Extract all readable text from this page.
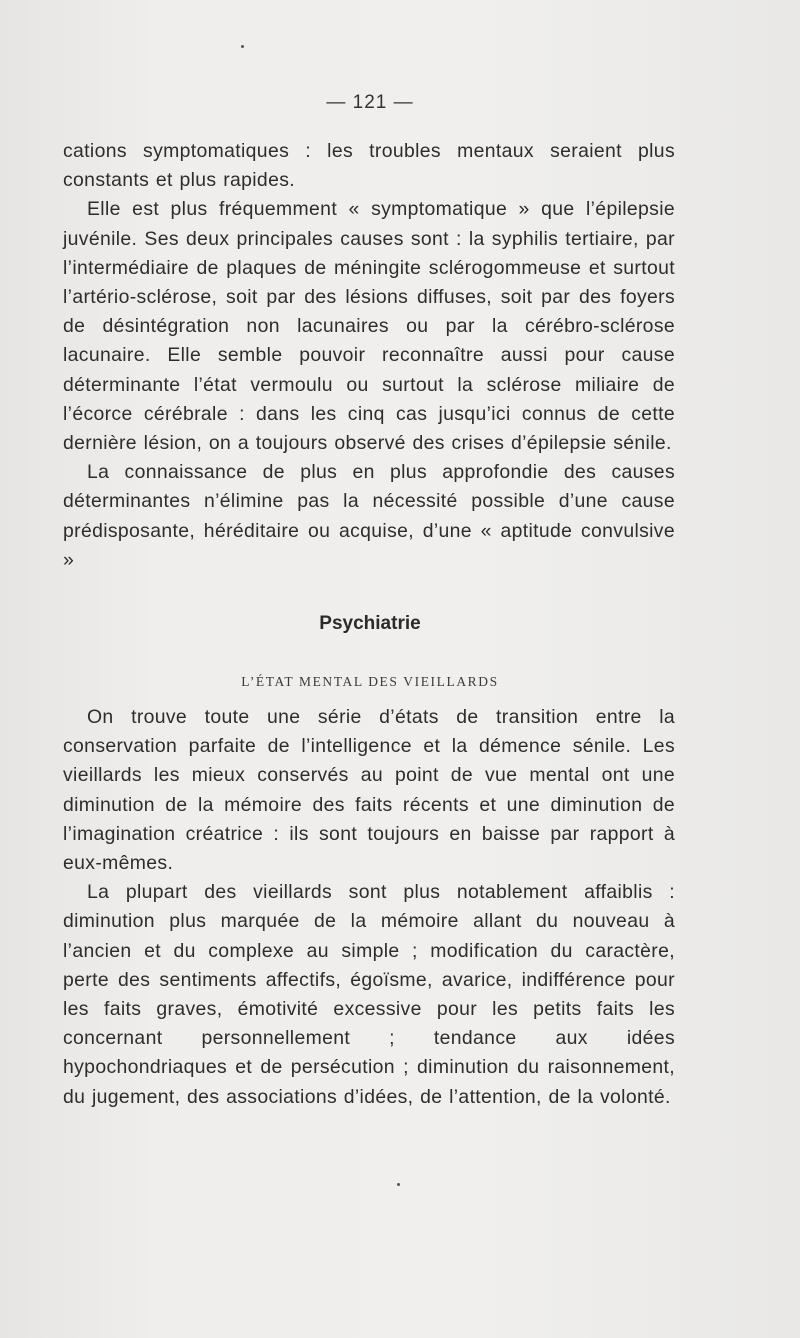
— 121 —

cations symptomatiques : les troubles mentaux seraient plus constants et plus rapides.

Elle est plus fréquemment « symptomatique » que l’épilepsie juvénile. Ses deux principales causes sont : la syphilis tertiaire, par l’intermédiaire de plaques de méningite sclérogommeuse et surtout l’artério-sclérose, soit par des lésions diffuses, soit par des foyers de désintégration non lacunaires ou par la cérébro-sclérose lacunaire. Elle semble pouvoir reconnaître aussi pour cause déterminante l’état vermoulu ou surtout la sclérose miliaire de l’écorce cérébrale : dans les cinq cas jusqu’ici connus de cette dernière lésion, on a toujours observé des crises d’épilepsie sénile.

La connaissance de plus en plus approfondie des causes déterminantes n’élimine pas la nécessité possible d’une cause prédisposante, héréditaire ou acquise, d’une « aptitude convulsive »

Psychiatrie
L’ÉTAT MENTAL DES VIEILLARDS

On trouve toute une série d’états de transition entre la conservation parfaite de l’intelligence et la démence sénile. Les vieillards les mieux conservés au point de vue mental ont une diminution de la mémoire des faits récents et une diminution de l’imagination créatrice : ils sont toujours en baisse par rapport à eux-mêmes.

La plupart des vieillards sont plus notablement affaiblis : diminution plus marquée de la mémoire allant du nouveau à l’ancien et du complexe au simple ; modification du caractère, perte des sentiments affectifs, égoïsme, avarice, indifférence pour les faits graves, émotivité excessive pour les petits faits les concernant personnellement ; tendance aux idées hypochondriaques et de persécution ; diminution du raisonnement, du jugement, des associations d’idées, de l’attention, de la volonté.
